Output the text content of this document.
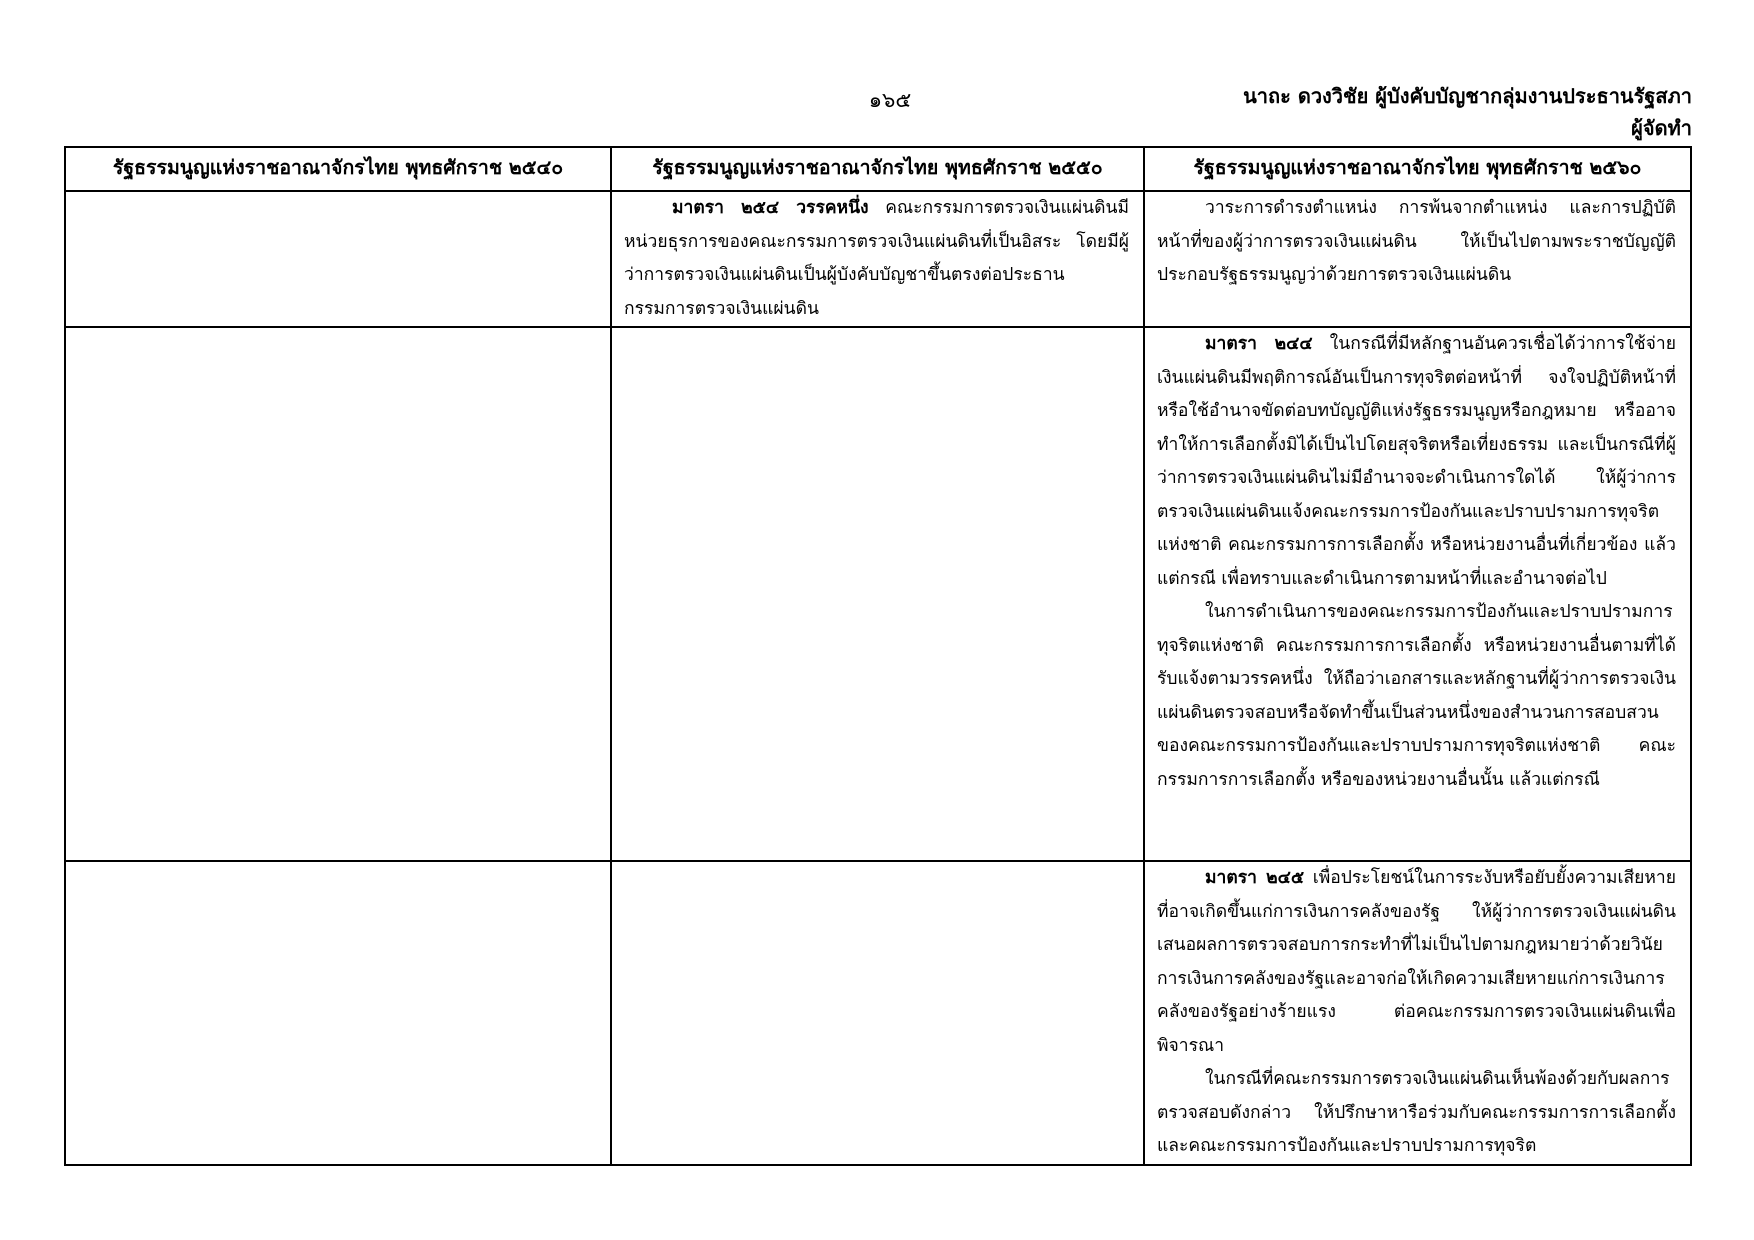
๑๖๕	นาถะ ดวงวิชัย ผู้บังคับบัญชากลุ่มงานประธานรัฐสภา
ผู้จัดทำ
รัฐธรรมนูญแห่งราชอาณาจักรไทย พุทธศักราช ๒๕๔๐	รัฐธรรมนูญแห่งราชอาณาจักรไทย พุทธศักราช ๒๕๕๐	รัฐธรรมนูญแห่งราชอาณาจักรไทย พุทธศักราช ๒๕๖๐

	มาตรา ๒๕๔ วรรคหนึ่ง คณะกรรมการตรวจเงินแผ่นดินมีหน่วยธุรการของคณะกรรมการตรวจเงินแผ่นดินที่เป็นอิสระ โดยมีผู้ว่าการตรวจเงินแผ่นดินเป็นผู้บังคับบัญชาขึ้นตรงต่อประธานกรรมการตรวจเงินแผ่นดิน	วาระการดำรงตำแหน่ง การพ้นจากตำแหน่ง และการปฏิบัติหน้าที่ของผู้ว่าการตรวจเงินแผ่นดิน ให้เป็นไปตามพระราชบัญญัติประกอบรัฐธรรมนูญว่าด้วยการตรวจเงินแผ่นดิน

		มาตรา ๒๔๔ ในกรณีที่มีหลักฐานอันควรเชื่อได้ว่าการใช้จ่ายเงินแผ่นดินมีพฤติการณ์อันเป็นการทุจริตต่อหน้าที่ จงใจปฏิบัติหน้าที่หรือใช้อำนาจขัดต่อบทบัญญัติแห่งรัฐธรรมนูญหรือกฎหมาย หรืออาจทำให้การเลือกตั้งมิได้เป็นไปโดยสุจริตหรือเที่ยงธรรม และเป็นกรณีที่ผู้ว่าการตรวจเงินแผ่นดินไม่มีอำนาจจะดำเนินการใดได้ ให้ผู้ว่าการตรวจเงินแผ่นดินแจ้งคณะกรรมการป้องกันและปราบปรามการทุจริตแห่งชาติ คณะกรรมการการเลือกตั้ง หรือหน่วยงานอื่นที่เกี่ยวข้อง แล้วแต่กรณี เพื่อทราบและดำเนินการตามหน้าที่และอำนาจต่อไป

ในการดำเนินการของคณะกรรมการป้องกันและปราบปรามการทุจริตแห่งชาติ คณะกรรมการการเลือกตั้ง หรือหน่วยงานอื่นตามที่ได้รับแจ้งตามวรรคหนึ่ง ให้ถือว่าเอกสารและหลักฐานที่ผู้ว่าการตรวจเงินแผ่นดินตรวจสอบหรือจัดทำขึ้นเป็นส่วนหนึ่งของสำนวนการสอบสวนของคณะกรรมการป้องกันและปราบปรามการทุจริตแห่งชาติ คณะกรรมการการเลือกตั้ง หรือของหน่วยงานอื่นนั้น แล้วแต่กรณี

		มาตรา ๒๔๕ เพื่อประโยชน์ในการระงับหรือยับยั้งความเสียหายที่อาจเกิดขึ้นแก่การเงินการคลังของรัฐ ให้ผู้ว่าการตรวจเงินแผ่นดินเสนอผลการตรวจสอบการกระทำที่ไม่เป็นไปตามกฎหมายว่าด้วยวินัยการเงินการคลังของรัฐและอาจก่อให้เกิดความเสียหายแก่การเงินการคลังของรัฐอย่างร้ายแรง ต่อคณะกรรมการตรวจเงินแผ่นดินเพื่อพิจารณา

ในกรณีที่คณะกรรมการตรวจเงินแผ่นดินเห็นพ้องด้วยกับผลการตรวจสอบดังกล่าว ให้ปรึกษาหารือร่วมกับคณะกรรมการการเลือกตั้งและคณะกรรมการป้องกันและปราบปรามการทุจริต
